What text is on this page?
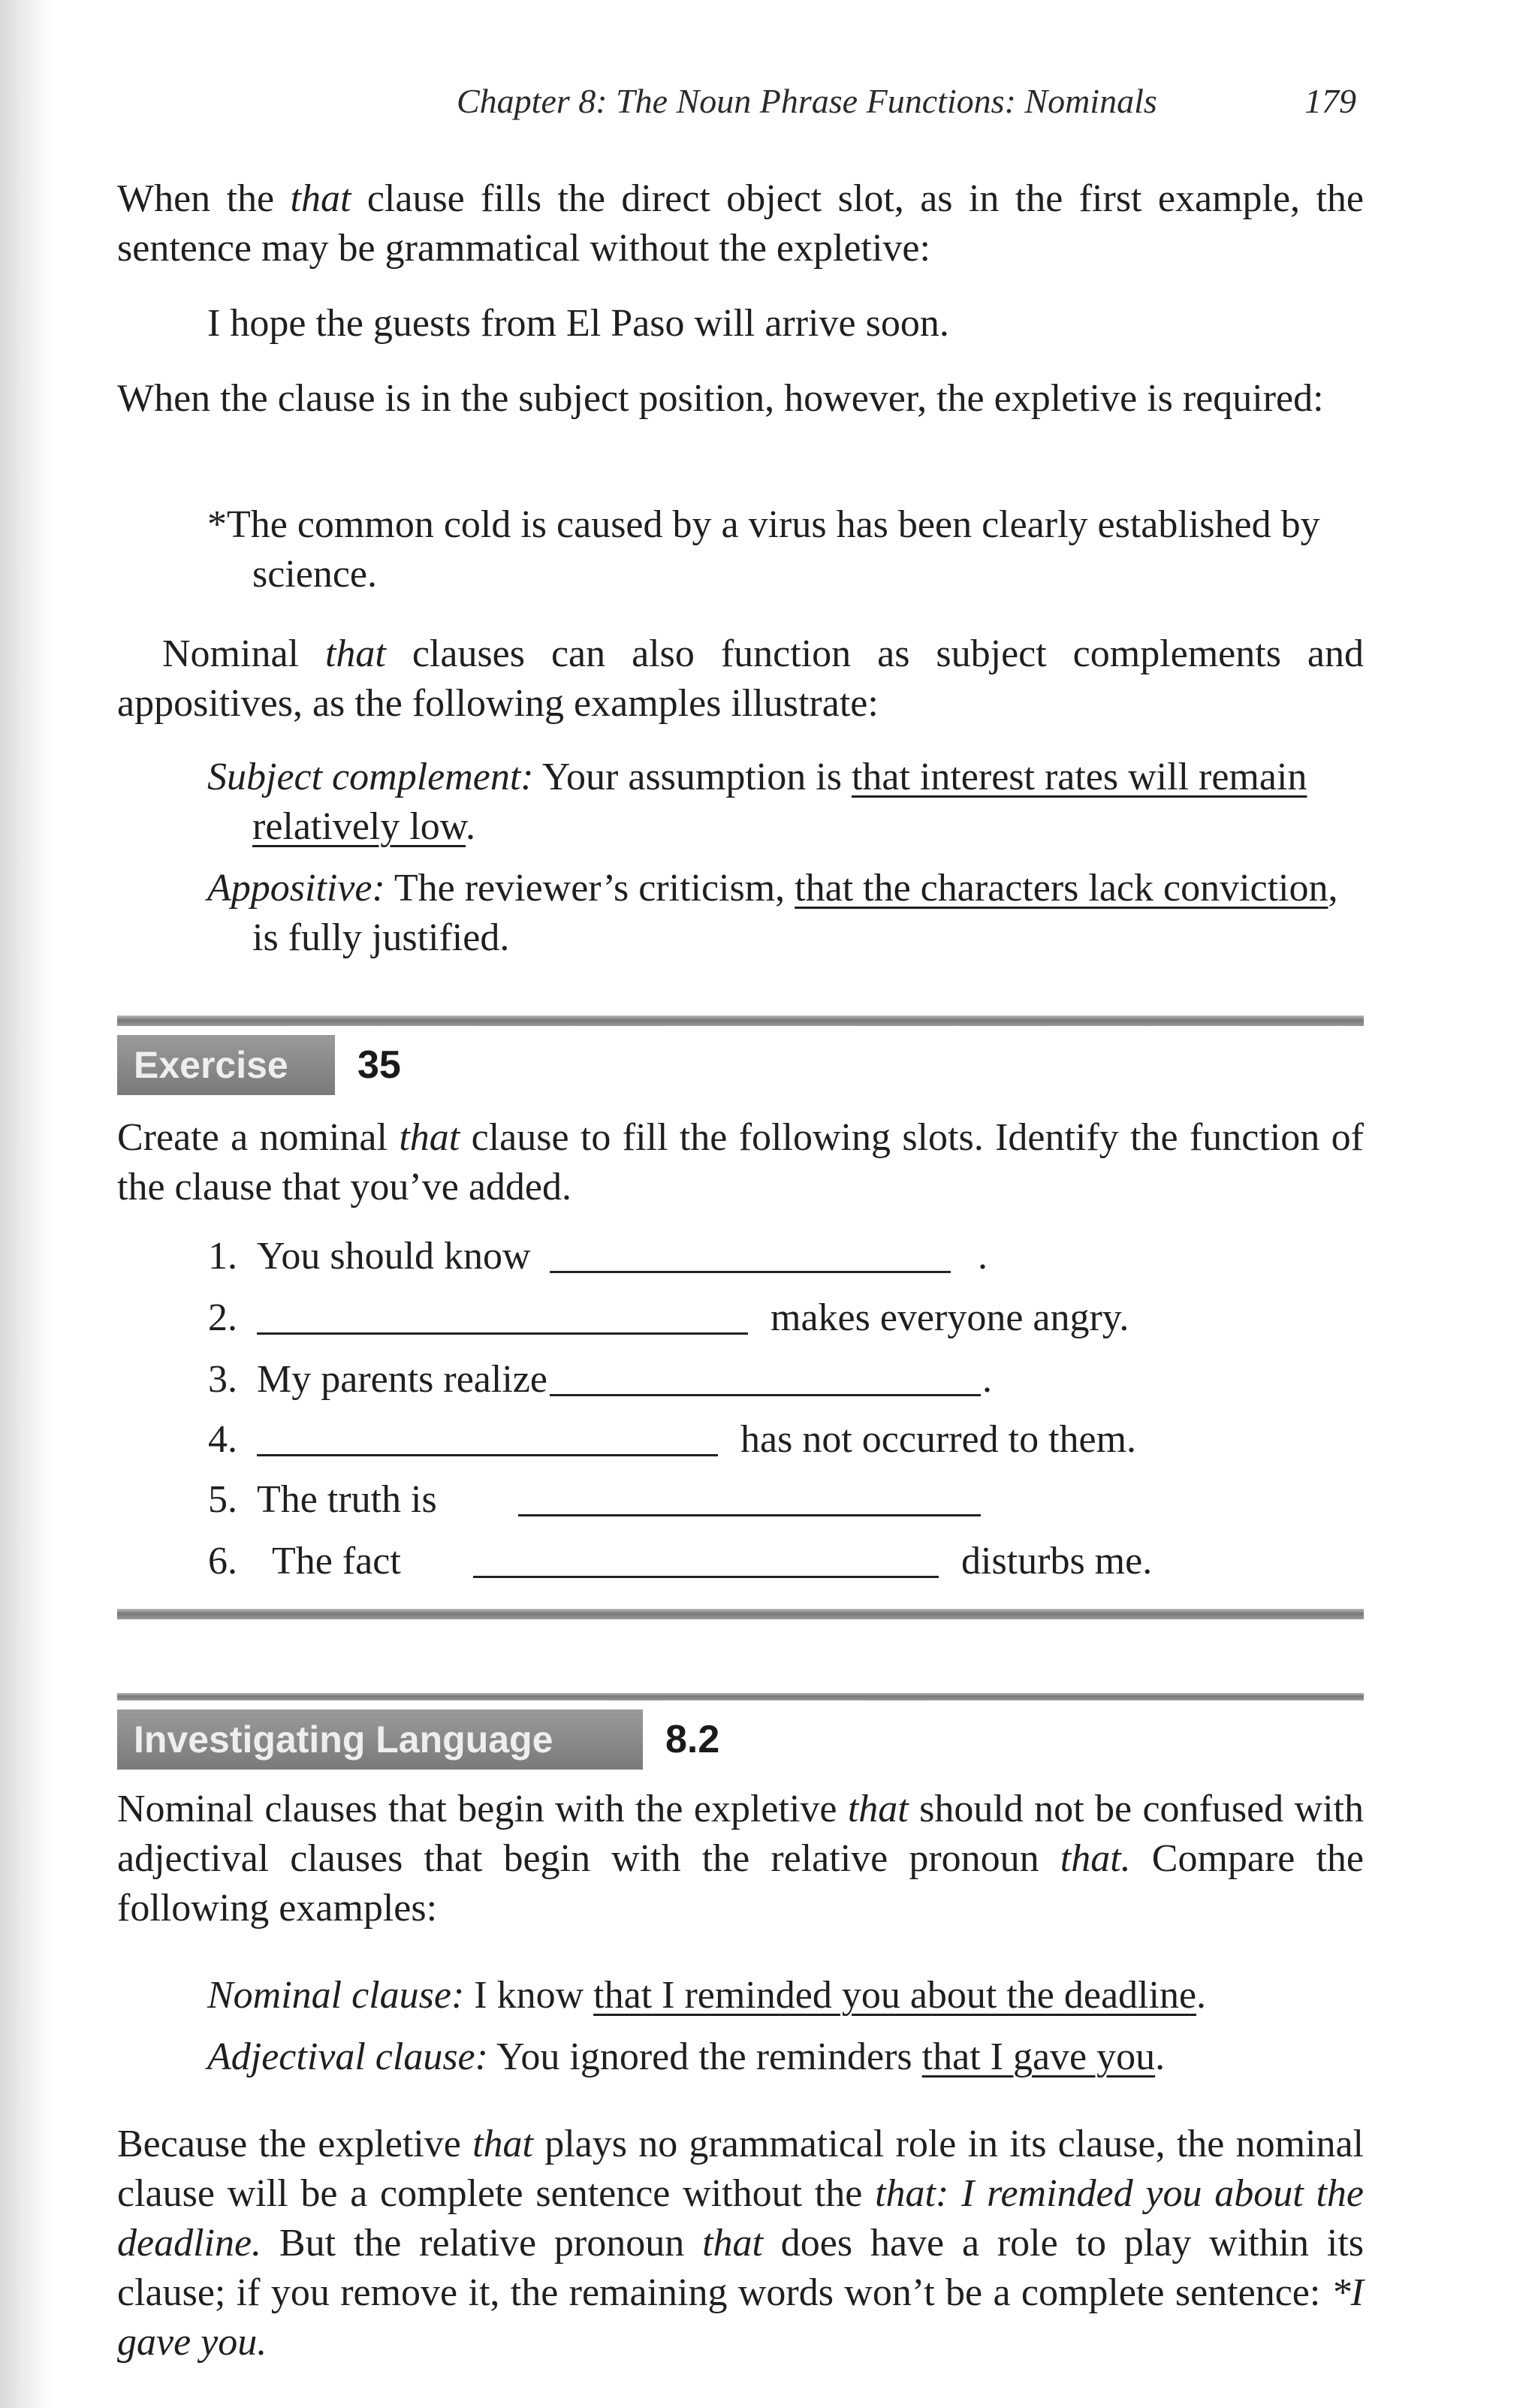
Chapter 8: The Noun Phrase Functions: Nominals	179

When the that clause fills the direct object slot, as in the first example, the sentence may be grammatical without the expletive:

I hope the guests from El Paso will arrive soon.

When the clause is in the subject position, however, the expletive is required:

*The common cold is caused by a virus has been clearly established by science.

Nominal that clauses can also function as subject complements and appositives, as the following examples illustrate:

Subject complement: Your assumption is that interest rates will remain relatively low.

Appositive: The reviewer’s criticism, that the characters lack conviction, is fully justified.

Exercise	35

Create a nominal that clause to fill the following slots. Identify the function of the clause that you’ve added.

1. You should know	.
2.	makes everyone angry.
3. My parents realize	.
4.	has not occurred to them.
5. The truth is
6. The fact	disturbs me.
Investigating Language	8.2

Nominal clauses that begin with the expletive that should not be confused with adjectival clauses that begin with the relative pronoun that. Compare the following examples:

Nominal clause: I know that I reminded you about the deadline.

Adjectival clause: You ignored the reminders that I gave you.

Because the expletive that plays no grammatical role in its clause, the nominal clause will be a complete sentence without the that: I reminded you about the deadline. But the relative pronoun that does have a role to play within its clause; if you remove it, the remaining words won’t be a complete sentence: *I gave you.
